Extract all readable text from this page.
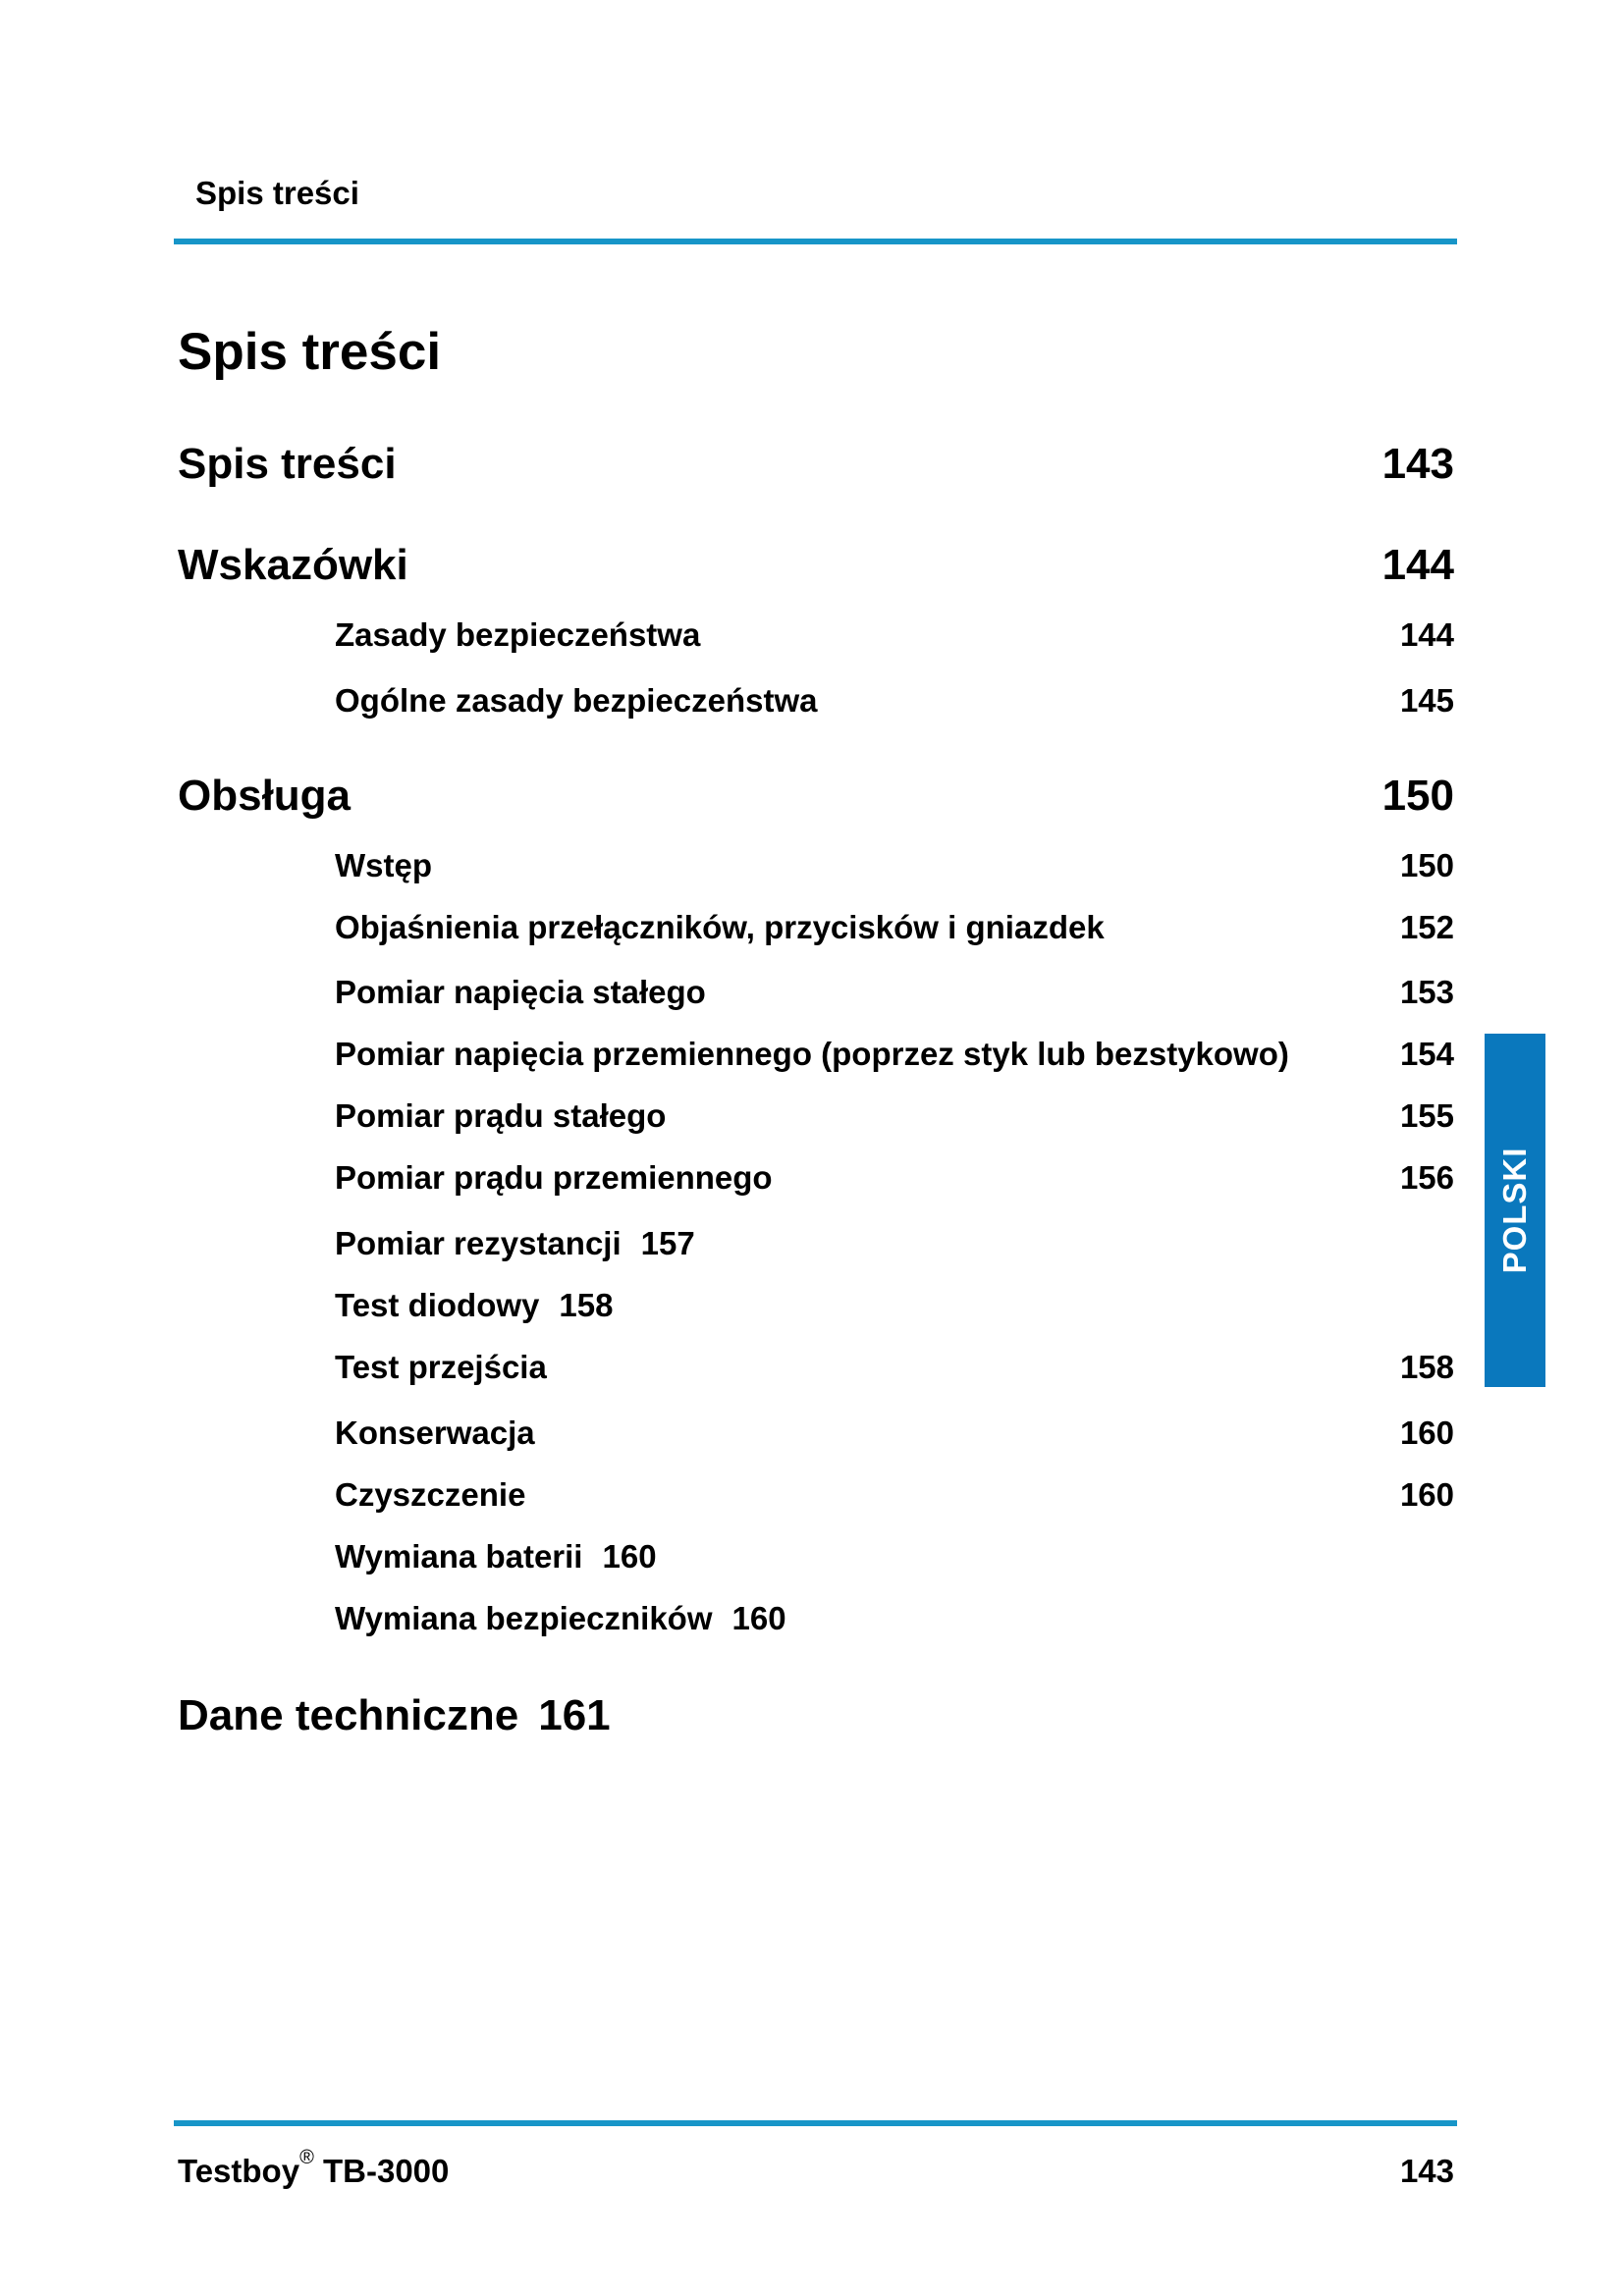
Spis treści
Spis treści
Spis treści	143
Wskazówki	144
Zasady bezpieczeństwa	144
Ogólne zasady bezpieczeństwa	145
Obsługa	150
Wstęp	150
Objaśnienia przełączników, przycisków i gniazdek	152
Pomiar napięcia stałego	153
Pomiar napięcia przemiennego (poprzez styk lub bezstykowo)	154
Pomiar prądu stałego	155
Pomiar prądu przemiennego	156
Pomiar rezystancji 157
Test diodowy 158
Test przejścia	158
Konserwacja	160
Czyszczenie	160
Wymiana baterii 160
Wymiana bezpieczników 160
Dane techniczne 161
POLSKI
Testboy® TB-3000	143
